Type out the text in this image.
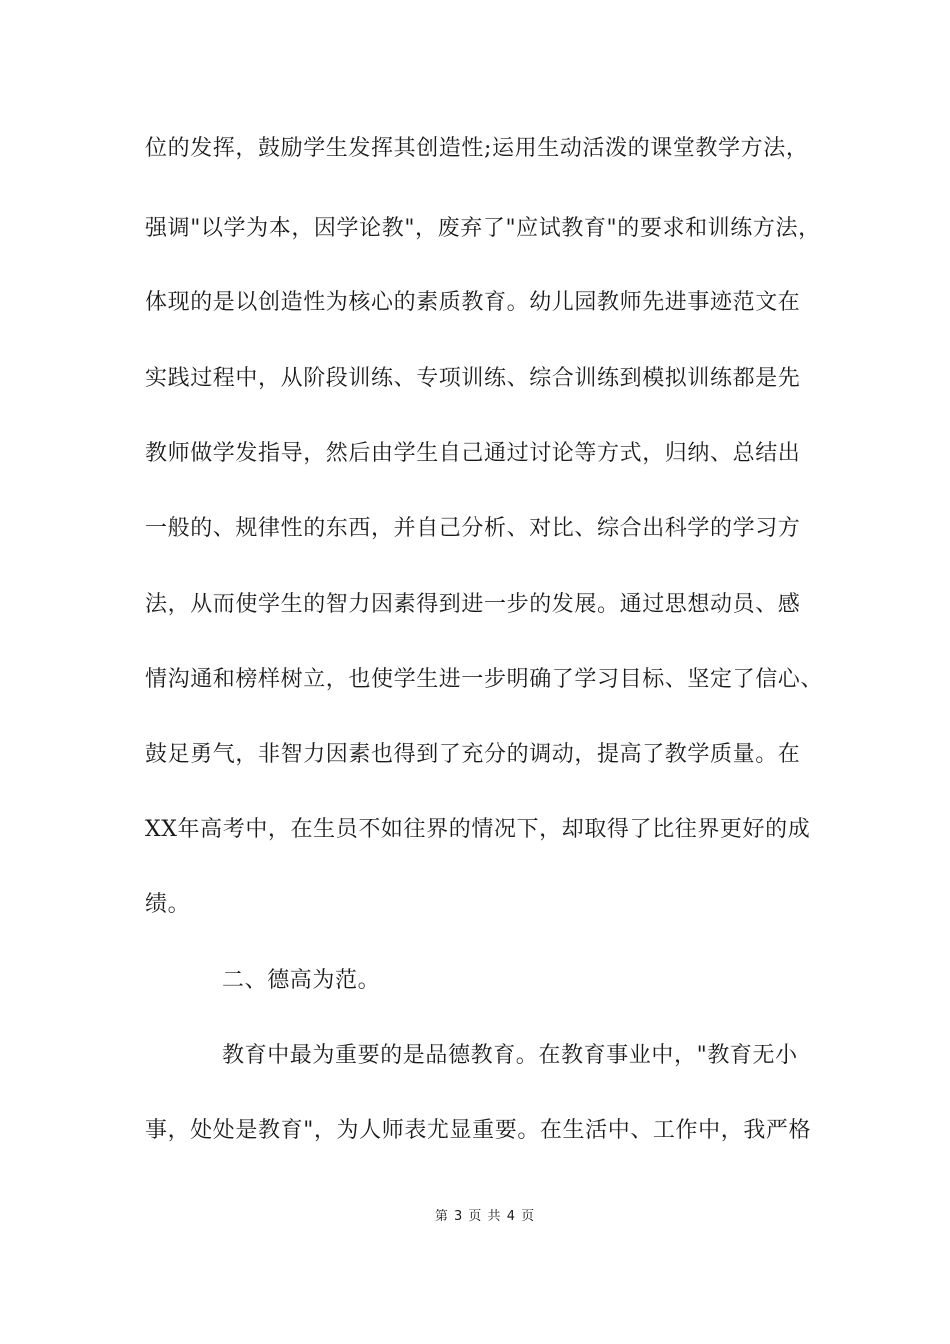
位的发挥，鼓励学生发挥其创造性;运用生动活泼的课堂教学方法，
强调"以学为本，因学论教"，废弃了"应试教育"的要求和训练方法，
体现的是以创造性为核心的素质教育。幼儿园教师先进事迹范文在
实践过程中，从阶段训练、专项训练、综合训练到模拟训练都是先
教师做学发指导，然后由学生自己通过讨论等方式，归纳、总结出
一般的、规律性的东西，并自己分析、对比、综合出科学的学习方
法，从而使学生的智力因素得到进一步的发展。通过思想动员、感
情沟通和榜样树立，也使学生进一步明确了学习目标、坚定了信心、
鼓足勇气，非智力因素也得到了充分的调动，提高了教学质量。在
XX年高考中，在生员不如往界的情况下，却取得了比往界更好的成
绩。
二、德高为范。
教育中最为重要的是品德教育。在教育事业中，"教育无小
事，处处是教育"，为人师表尤显重要。在生活中、工作中，我严格
第 3 页 共 4 页
